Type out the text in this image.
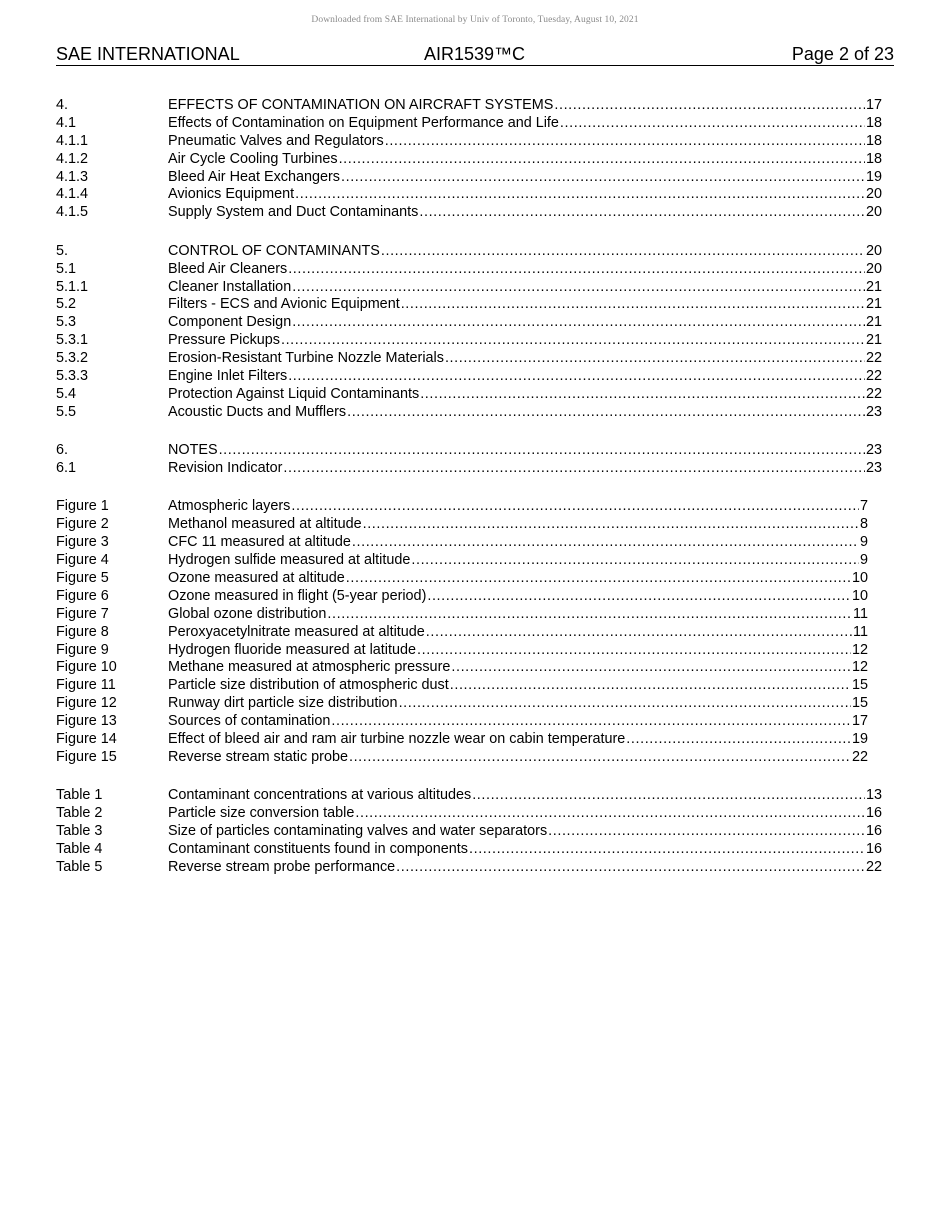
Downloaded from SAE International by Univ of Toronto, Tuesday, August 10, 2021
SAE INTERNATIONAL	AIR1539™C	Page 2 of 23
4.	EFFECTS OF CONTAMINATION ON AIRCRAFT SYSTEMS .....	17
4.1	Effects of Contamination on Equipment Performance and Life .....	18
4.1.1	Pneumatic Valves and Regulators .....	18
4.1.2	Air Cycle Cooling Turbines .....	18
4.1.3	Bleed Air Heat Exchangers .....	19
4.1.4	Avionics Equipment .....	20
4.1.5	Supply System and Duct Contaminants .....	20
5.	CONTROL OF CONTAMINANTS .....	20
5.1	Bleed Air Cleaners .....	20
5.1.1	Cleaner Installation .....	21
5.2	Filters - ECS and Avionic Equipment .....	21
5.3	Component Design .....	21
5.3.1	Pressure Pickups .....	21
5.3.2	Erosion-Resistant Turbine Nozzle Materials .....	22
5.3.3	Engine Inlet Filters .....	22
5.4	Protection Against Liquid Contaminants .....	22
5.5	Acoustic Ducts and Mufflers .....	23
6.	NOTES .....	23
6.1	Revision Indicator .....	23
Figure 1	Atmospheric layers .....	7
Figure 2	Methanol measured at altitude .....	8
Figure 3	CFC 11 measured at altitude .....	9
Figure 4	Hydrogen sulfide measured at altitude .....	9
Figure 5	Ozone measured at altitude .....	10
Figure 6	Ozone measured in flight (5-year period) .....	10
Figure 7	Global ozone distribution .....	11
Figure 8	Peroxyacetylnitrate measured at altitude .....	11
Figure 9	Hydrogen fluoride measured at latitude .....	12
Figure 10	Methane measured at atmospheric pressure .....	12
Figure 11	Particle size distribution of atmospheric dust .....	15
Figure 12	Runway dirt particle size distribution .....	15
Figure 13	Sources of contamination .....	17
Figure 14	Effect of bleed air and ram air turbine nozzle wear on cabin temperature .....	19
Figure 15	Reverse stream static probe .....	22
Table 1	Contaminant concentrations at various altitudes .....	13
Table 2	Particle size conversion table .....	16
Table 3	Size of particles contaminating valves and water separators .....	16
Table 4	Contaminant constituents found in components .....	16
Table 5	Reverse stream probe performance .....	22
